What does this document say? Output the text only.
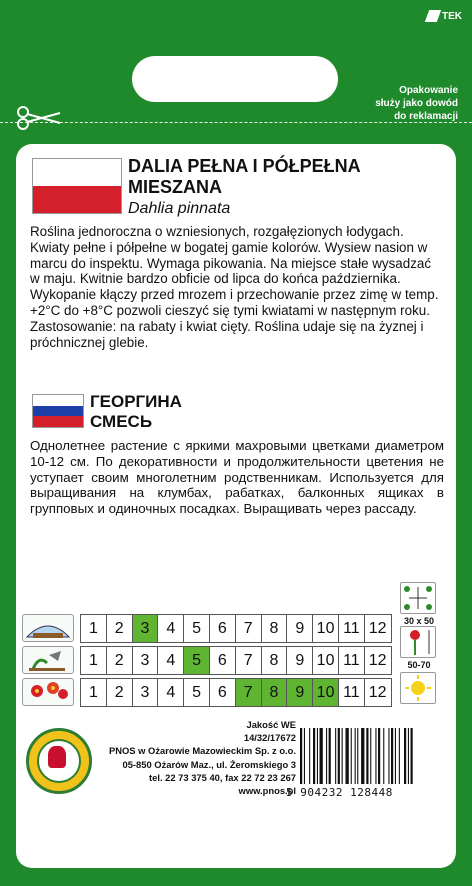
TEK
Opakowanie
służy jako dowód
do reklamacji
DALIA PEŁNA I PÓŁPEŁNA
MIESZANA
Dahlia pinnata

Roślina jednoroczna o wzniesionych, rozgałęzionych łodygach. Kwiaty pełne i półpełne w bogatej gamie kolorów. Wysiew nasion w marcu do inspektu. Wymaga pikowania. Na miejsce stałe wysadzać w maju. Kwitnie bardzo obficie od lipca do końca października. Wykopanie kłączy przed mrozem i przechowanie przez zimę w temp. +2°C do +8°C pozwoli cieszyć się tymi kwiatami w następnym roku. Zastosowanie: na rabaty i kwiat cięty. Roślina udaje się na żyznej i próchnicznej glebie.

ГЕОРГИНА
СМЕСЬ

Однолетнее растение с яркими махровыми цветками диаметром 10-12 см. По декоративности и продолжительности цветения не уступает своим многолетним родственникам. Используется для выращивания на клумбах, рабатках, балконных ящиках в групповых и одиночных посадках. Выращивать через рассаду.

1	2	3	4	5	6	7	8	9 10 11 12
1	2	3	4	5	6	7	8	9 10 11 12
1	2	3	4	5	6	7	8	9 10 11 12
30 x 50
50-70
Jakość WE
14/32/17672
PNOS w Ożarowie Mazowieckim Sp. z o.o.
05-850 Ożarów Maz., ul. Żeromskiego 3
tel. 22 73 375 40, fax 22 72 23 267
www.pnos.pl
5 904232 128448
